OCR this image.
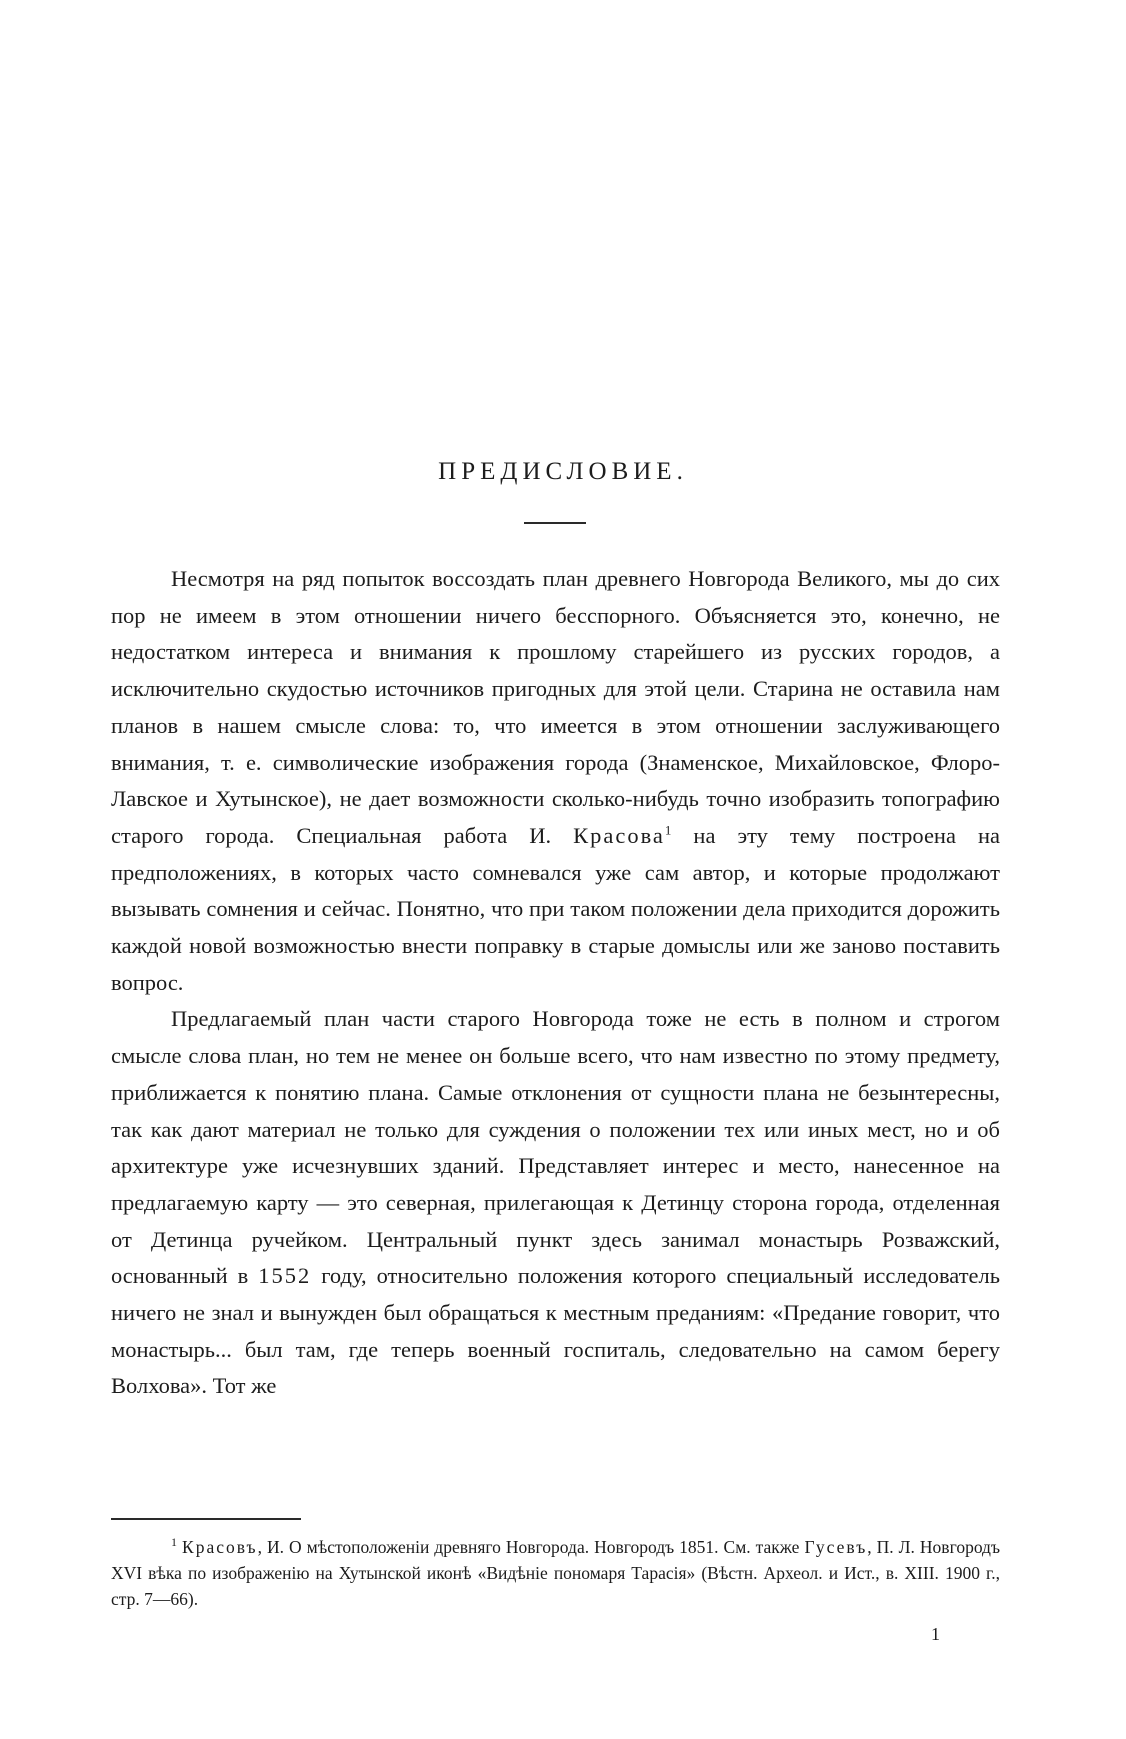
ПРЕДИСЛОВИЕ.

Несмотря на ряд попыток воссоздать план древнего Новгорода Великого, мы до сих пор не имеем в этом отношении ничего бесспорного. Объясняется это, конечно, не недостатком интереса и внимания к прошлому старейшего из русских городов, а исключительно скудостью источников пригодных для этой цели. Старина не оставила нам планов в нашем смысле слова: то, что имеется в этом отношении заслуживающего внимания, т. е. символические изображения города (Знаменское, Михайловское, Флоро-Лавское и Хутынское), не дает возможности сколько-нибудь точно изобразить топографию старого города. Специальная работа И. Красова$^1$ на эту тему построена на предположениях, в которых часто сомневался уже сам автор, и которые продолжают вызывать сомнения и сейчас. Понятно, что при таком положении дела приходится дорожить каждой новой возможностью внести поправку в старые домыслы или же заново поставить вопрос.

Предлагаемый план части старого Новгорода тоже не есть в полном и строгом смысле слова план, но тем не менее он больше всего, что нам известно по этому предмету, приближается к понятию плана. Самые отклонения от сущности плана не безынтересны, так как дают материал не только для суждения о положении тех или иных мест, но и об архитектуре уже исчезнувших зданий. Представляет интерес и место, нанесенное на предлагаемую карту — это северная, прилегающая к Детинцу сторона города, отделенная от Детинца ручейком. Центральный пункт здесь занимал монастырь Розважский, основанный в 1552 году, относительно положения которого специальный исследователь ничего не знал и вынужден был обращаться к местным преданиям: «Предание говорит, что монастырь... был там, где теперь военный госпиталь, следовательно на самом берегу Волхова». Тот же

$^1$ Красовъ, И. О мѣстоположенiи древняго Новгорода. Новгородъ 1851. См. также Гусевъ, П. Л. Новгородъ XVI вѣка по изображенiю на Хутынской иконѣ «Видѣнiе пономаря Тарасiя» (Вѣстн. Археол. и Ист., в. XIII. 1900 г., стр. 7—66).

1
